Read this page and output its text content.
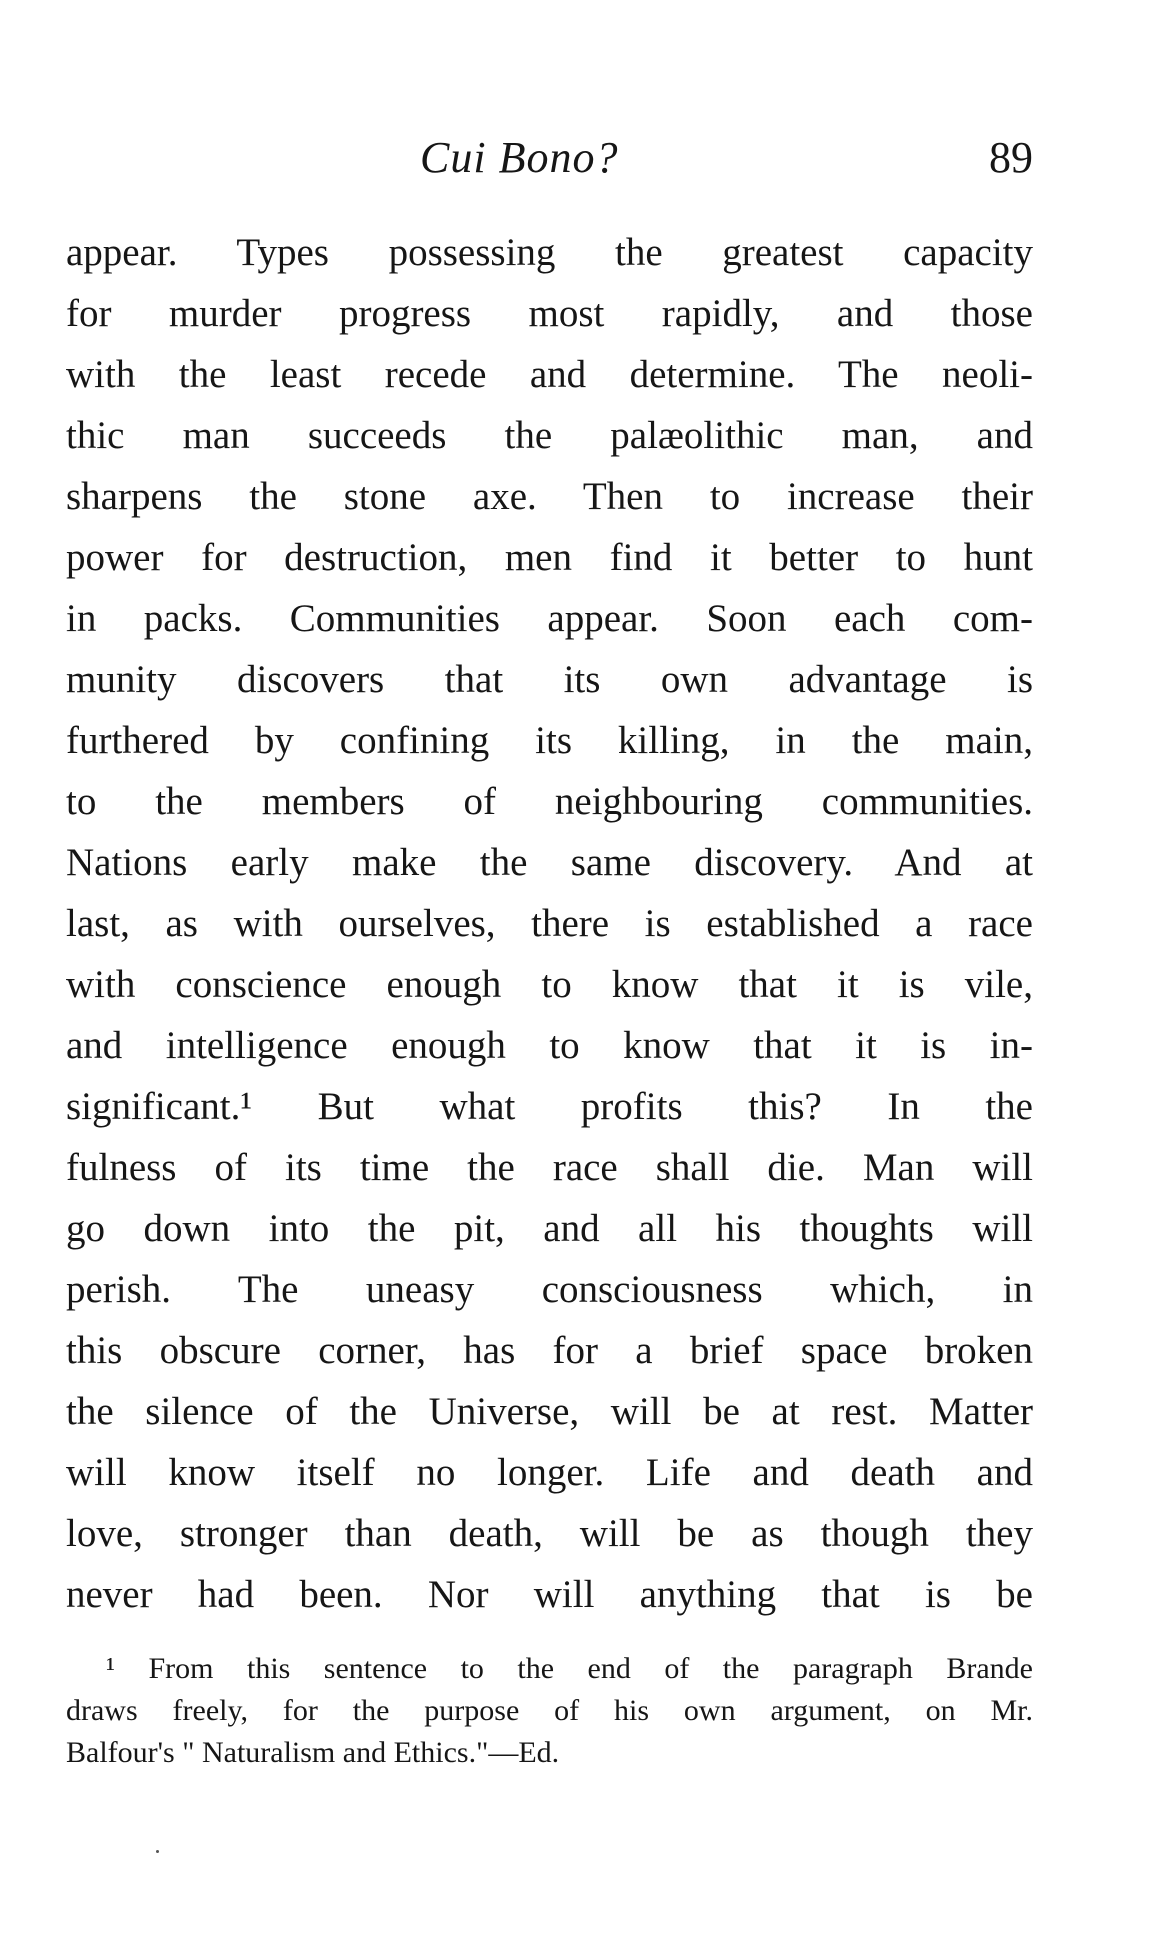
Cui Bono?	89
appear. Types possessing the greatest capacity
for murder progress most rapidly, and those
with the least recede and determine. The neoli-
thic man succeeds the palæolithic man, and
sharpens the stone axe. Then to increase their
power for destruction, men find it better to hunt
in packs. Communities appear. Soon each com-
munity discovers that its own advantage is
furthered by confining its killing, in the main,
to the members of neighbouring communities.
Nations early make the same discovery. And at
last, as with ourselves, there is established a race
with conscience enough to know that it is vile,
and intelligence enough to know that it is in-
significant.¹ But what profits this? In the
fulness of its time the race shall die. Man will
go down into the pit, and all his thoughts will
perish. The uneasy consciousness which, in
this obscure corner, has for a brief space broken
the silence of the Universe, will be at rest. Matter
will know itself no longer. Life and death and
love, stronger than death, will be as though they
never had been. Nor will anything that is be
¹ From this sentence to the end of the paragraph Brande
draws freely, for the purpose of his own argument, on Mr.
Balfour's " Naturalism and Ethics."—Ed.
